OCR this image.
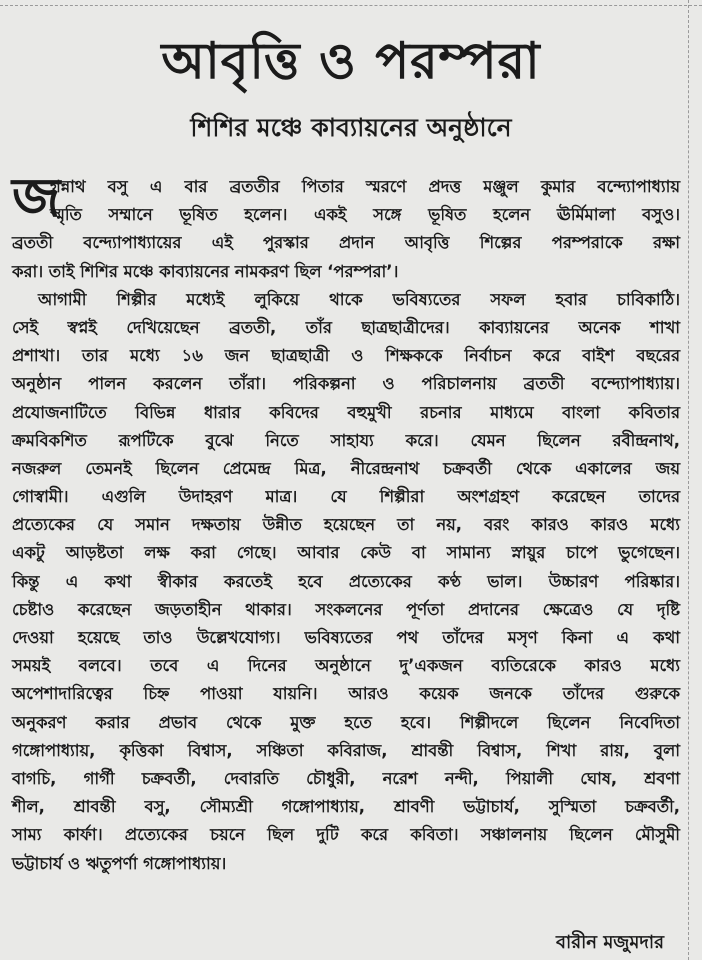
আবৃত্তি ও পরম্পরা
শিশির মঞ্চে কাব্যায়নের অনুষ্ঠানে
জ
গন্নাথ বসু এ বার ব্রততীর পিতার স্মরণে প্রদত্ত মঞ্জুল কুমার বন্দ্যোপাধ্যায়
স্মৃতি সম্মানে ভূষিত হলেন। একই সঙ্গে ভূষিত হলেন ঊর্মিমালা বসুও।
ব্রততী বন্দ্যোপাধ্যায়ের এই পুরস্কার প্রদান আবৃত্তি শিল্পের পরম্পরাকে রক্ষা
করা। তাই শিশির মঞ্চে কাব্যায়নের নামকরণ ছিল ‘পরম্পরা’।
আগামী শিল্পীর মধ্যেই লুকিয়ে থাকে ভবিষ্যতের সফল হবার চাবিকাঠি।
সেই স্বপ্নই দেখিয়েছেন ব্রততী, তাঁর ছাত্রছাত্রীদের। কাব্যায়নের অনেক শাখা
প্রশাখা। তার মধ্যে ১৬ জন ছাত্রছাত্রী ও শিক্ষককে নির্বাচন করে বাইশ বছরের
অনুষ্ঠান পালন করলেন তাঁরা। পরিকল্পনা ও পরিচালনায় ব্রততী বন্দ্যোপাধ্যায়।
প্রযোজনাটিতে বিভিন্ন ধারার কবিদের বহুমুখী রচনার মাধ্যমে বাংলা কবিতার
ক্রমবিকশিত রূপটিকে বুঝে নিতে সাহায্য করে। যেমন ছিলেন রবীন্দ্রনাথ,
নজরুল তেমনই ছিলেন প্রেমেন্দ্র মিত্র, নীরেন্দ্রনাথ চক্রবর্তী থেকে একালের জয়
গোস্বামী। এগুলি উদাহরণ মাত্র। যে শিল্পীরা অংশগ্রহণ করেছেন তাদের
প্রত্যেকের যে সমান দক্ষতায় উন্নীত হয়েছেন তা নয়, বরং কারও কারও মধ্যে
একটু আড়ষ্টতা লক্ষ করা গেছে। আবার কেউ বা সামান্য স্নায়ুর চাপে ভুগেছেন।
কিন্তু এ কথা স্বীকার করতেই হবে প্রত্যেকের কণ্ঠ ভাল। উচ্চারণ পরিষ্কার।
চেষ্টাও করেছেন জড়তাহীন থাকার। সংকলনের পূর্ণতা প্রদানের ক্ষেত্রেও যে দৃষ্টি
দেওয়া হয়েছে তাও উল্লেখযোগ্য। ভবিষ্যতের পথ তাঁদের মসৃণ কিনা এ কথা
সময়ই বলবে। তবে এ দিনের অনুষ্ঠানে দু’একজন ব্যতিরেকে কারও মধ্যে
অপেশাদারিত্বের চিহ্ন পাওয়া যায়নি। আরও কয়েক জনকে তাঁদের গুরুকে
অনুকরণ করার প্রভাব থেকে মুক্ত হতে হবে। শিল্পীদলে ছিলেন নিবেদিতা
গঙ্গোপাধ্যায়, কৃত্তিকা বিশ্বাস, সঞ্চিতা কবিরাজ, শ্রাবন্তী বিশ্বাস, শিখা রায়, বুলা
বাগচি, গার্গী চক্রবর্তী, দেবারতি চৌধুরী, নরেশ নন্দী, পিয়ালী ঘোষ, শ্রবণা
শীল, শ্রাবন্তী বসু, সৌম্যশ্রী গঙ্গোপাধ্যায়, শ্রাবণী ভট্টাচার্য, সুস্মিতা চক্রবর্তী,
সাম্য কার্ফা। প্রত্যেকের চয়নে ছিল দুটি করে কবিতা। সঞ্চালনায় ছিলেন মৌসুমী
ভট্টাচার্য ও ঋতুপর্ণা গঙ্গোপাধ্যায়।
বারীন মজুমদার
